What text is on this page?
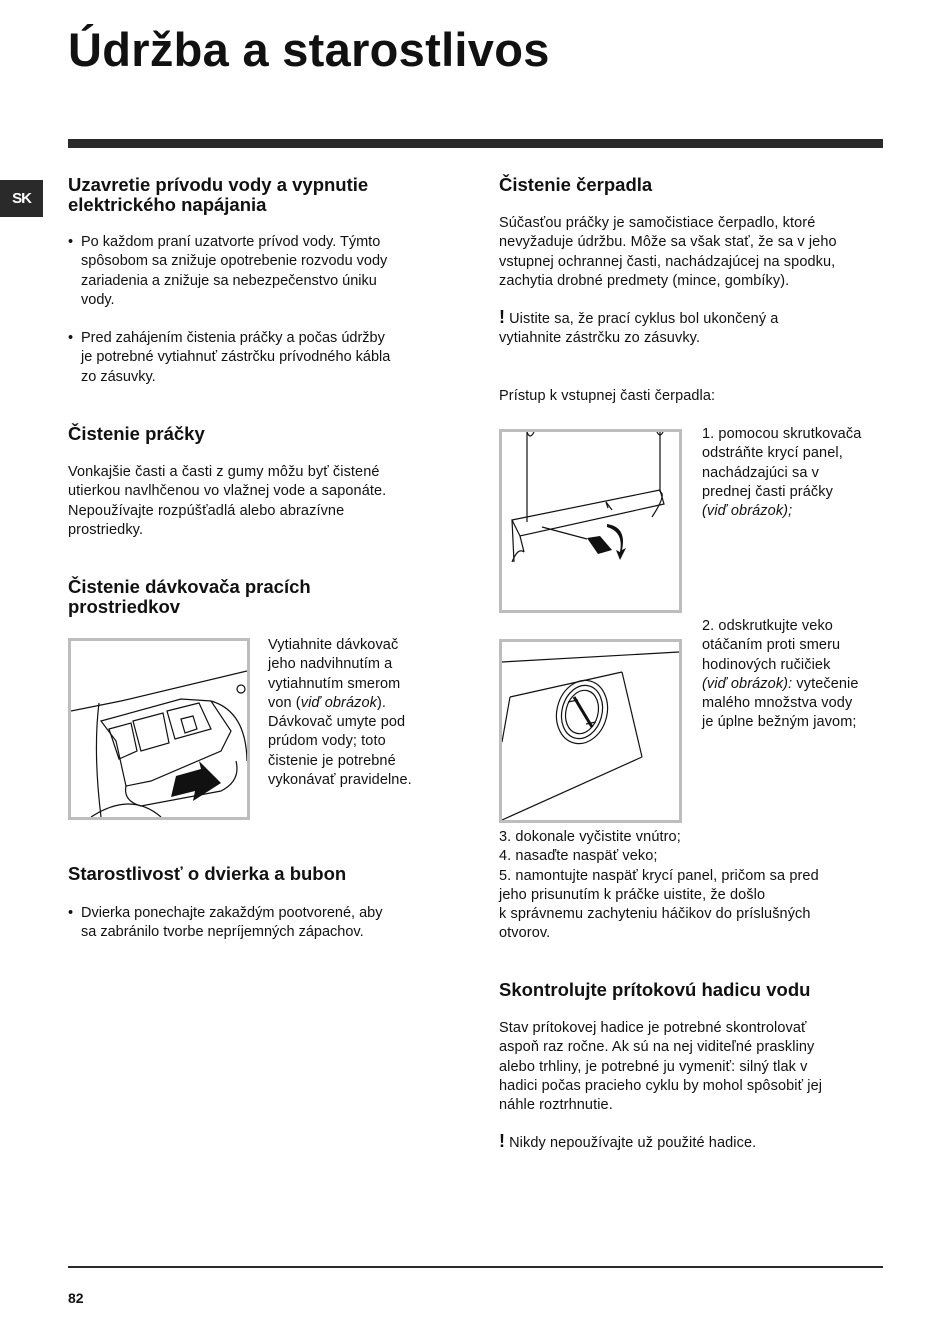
Údržba a starostlivos
SK
Uzavretie prívodu vody a vypnutie
elektrického napájania
• Po každom praní uzatvorte prívod vody. Týmto
spôsobom sa znižuje opotrebenie rozvodu vody
zariadenia a znižuje sa nebezpečenstvo úniku
vody.
• Pred zahájením čistenia práčky a počas údržby
je potrebné vytiahnuť zástrčku prívodného kábla
zo zásuvky.
Čistenie práčky
Vonkajšie časti a časti z gumy môžu byť čistené
utierkou navlhčenou vo vlažnej vode a saponáte.
Nepoužívajte rozpúšťadlá alebo abrazívne
prostriedky.
Čistenie dávkovača pracích
prostriedkov
Vytiahnite dávkovač
jeho nadvihnutím a
vytiahnutím smerom
von (viď obrázok).
Dávkovač umyte pod
prúdom vody; toto
čistenie je potrebné
vykonávať pravidelne.
Starostlivosť o dvierka a bubon
• Dvierka ponechajte zakaždým pootvorené, aby
sa zabránilo tvorbe nepríjemných zápachov.
Čistenie čerpadla
Súčasťou práčky je samočistiace čerpadlo, ktoré
nevyžaduje údržbu. Môže sa však stať, že sa v jeho
vstupnej ochrannej časti, nachádzajúcej na spodku,
zachytia drobné predmety (mince, gombíky).
! Uistite sa, že prací cyklus bol ukončený a
vytiahnite zástrčku zo zásuvky.
Prístup k vstupnej časti čerpadla:
1. pomocou skrutkovača
odstráňte krycí panel,
nachádzajúci sa v
prednej časti práčky
(viď obrázok);
2. odskrutkujte veko
otáčaním proti smeru
hodinových ručičiek
(viď obrázok): vytečenie
malého množstva vody
je úplne bežným javom;
3. dokonale vyčistite vnútro;
4. nasaďte naspäť veko;
5. namontujte naspäť krycí panel, pričom sa pred
jeho prisunutím k práčke uistite, že došlo
k správnemu zachyteniu háčikov do príslušných
otvorov.
Skontrolujte prítokovú hadicu vodu
Stav prítokovej hadice je potrebné skontrolovať
aspoň raz ročne. Ak sú na nej viditeľné praskliny
alebo trhliny, je potrebné ju vymeniť: silný tlak v
hadici počas pracieho cyklu by mohol spôsobiť jej
náhle roztrhnutie.
! Nikdy nepoužívajte už použité hadice.
82
